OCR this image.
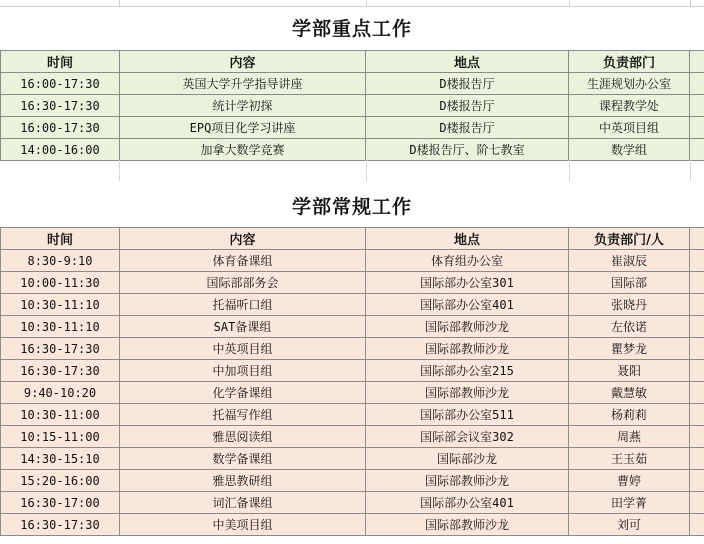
学部重点工作
时间	内容	地点	负责部门	
16:00-17:30	英国大学升学指导讲座	D楼报告厅	生涯规划办公室	
16:30-17:30	统计学初探	D楼报告厅	课程教学处	
16:00-17:30	EPQ项目化学习讲座	D楼报告厅	中英项目组	
14:00-16:00	加拿大数学竞赛	D楼报告厅、阶七教室	数学组	
学部常规工作
时间	内容	地点	负责部门/人	
8:30-9:10	体育备课组	体育组办公室	崔淑辰	
10:00-11:30	国际部部务会	国际部办公室301	国际部	
10:30-11:10	托福听口组	国际部办公室401	张晓丹	
10:30-11:10	SAT备课组	国际部教师沙龙	左依诺	
16:30-17:30	中英项目组	国际部教师沙龙	瞿梦龙	
16:30-17:30	中加项目组	国际部办公室215	聂阳	
9:40-10:20	化学备课组	国际部教师沙龙	戴慧敏	
10:30-11:00	托福写作组	国际部办公室511	杨莉莉	
10:15-11:00	雅思阅读组	国际部会议室302	周燕	
14:30-15:10	数学备课组	国际部沙龙	王玉茹	
15:20-16:00	雅思教研组	国际部教师沙龙	曹婷	
16:30-17:00	词汇备课组	国际部办公室401	田学菁	
16:30-17:30	中美项目组	国际部教师沙龙	刘可	
